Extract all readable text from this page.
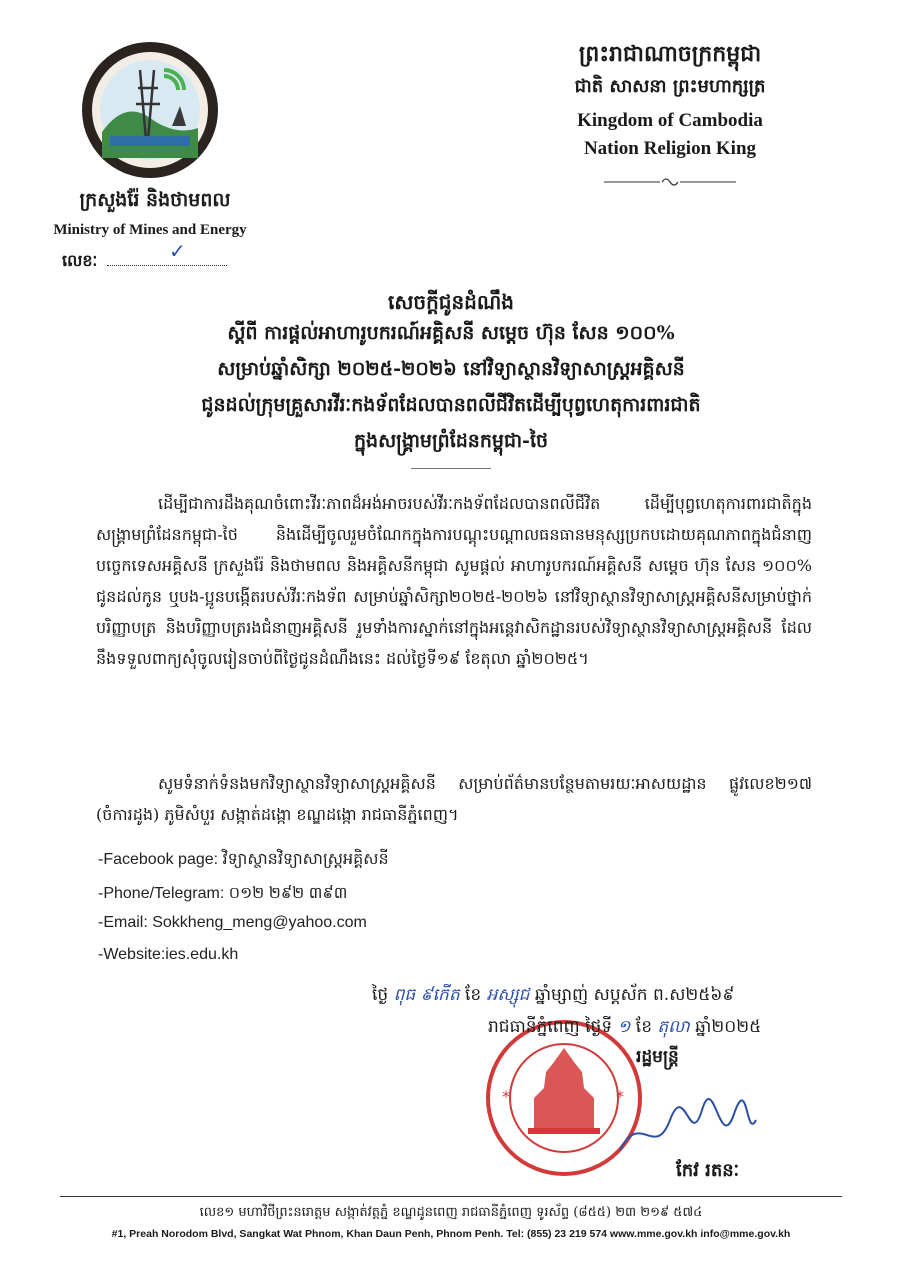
ក្រសួងរ៉ែ និងថាមពល
Ministry of Mines and Energy
លេខៈ	✓
ព្រះរាជាណាចក្រកម្ពុជា
ជាតិ សាសនា ព្រះមហាក្សត្រ
Kingdom of Cambodia
Nation Religion King
សេចក្តីជូនដំណឹង
ស្តីពី ការផ្តល់អាហារូបករណ៍អគ្គិសនី សម្តេច ហ៊ុន សែន ១០០%
សម្រាប់ឆ្នាំសិក្សា ២០២៥-២០២៦ នៅវិទ្យាស្ថានវិទ្យាសាស្ត្រអគ្គិសនី
ជូនដល់ក្រុមគ្រួសារវីរៈកងទ័ពដែលបានពលីជីវិតដើម្បីបុព្វហេតុការពារជាតិ
ក្នុងសង្គ្រាមព្រំដែនកម្ពុជា-ថៃ
ដើម្បីជាការដឹងគុណចំពោះវីរៈភាពដ៏អង់អាចរបស់វីរៈកងទ័ពដែលបានពលីជីវិត ដើម្បីបុព្វហេតុការពារជាតិក្នុងសង្គ្រាមព្រំដែនកម្ពុជា-ថៃ និងដើម្បីចូលរួមចំណែកក្នុងការបណ្តុះបណ្តាលធនធានមនុស្សប្រកបដោយគុណភាពក្នុងជំនាញបច្ចេកទេសអគ្គិសនី ក្រសួងរ៉ែ និងថាមពល និងអគ្គិសនីកម្ពុជា សូមផ្តល់ អាហារូបករណ៍អគ្គិសនី សម្តេច ហ៊ុន សែន ១០០% ជូនដល់កូន ឬបង-ប្អូនបង្កើតរបស់វីរៈកងទ័ព សម្រាប់ឆ្នាំសិក្សា២០២៥-២០២៦ នៅវិទ្យាស្ថានវិទ្យាសាស្ត្រអគ្គិសនីសម្រាប់ថ្នាក់បរិញ្ញាបត្រ និងបរិញ្ញាបត្ររងជំនាញអគ្គិសនី រួមទាំងការស្នាក់នៅក្នុងអន្តេវាសិកដ្ឋានរបស់វិទ្យាស្ថានវិទ្យាសាស្ត្រអគ្គិសនី ដែលនឹងទទួលពាក្យសុំចូលរៀនចាប់ពីថ្ងៃជូនដំណឹងនេះ ដល់ថ្ងៃទី១៩ ខែតុលា ឆ្នាំ២០២៥។
សូមទំនាក់ទំនងមកវិទ្យាស្ថានវិទ្យាសាស្ត្រអគ្គិសនី សម្រាប់ព័ត៌មានបន្ថែមតាមរយៈអាសយដ្ឋាន ផ្លូវលេខ២១៧ (ចំការដូង) ភូមិសំបួរ សង្កាត់ដង្កោ ខណ្ឌដង្កោ រាជធានីភ្នំពេញ។
-Facebook page: វិទ្យាស្ថានវិទ្យាសាស្ត្រអគ្គិសនី
-Phone/Telegram: ០១២ ២៩២ ៣៩៣
-Email: Sokkheng_meng@yahoo.com
-Website:ies.edu.kh
*	*
ថ្ងៃ ពុធ ៩កើត ខែ អស្សុជ ឆ្នាំម្សាញ់ សប្តស័ក ព.ស២៥៦៩
រាជធានីភ្នំពេញ ថ្ងៃទី ១ ខែ តុលា ឆ្នាំ២០២៥
រដ្ឋមន្ត្រី
កែវ រតនៈ
លេខ១ មហាវិថីព្រះនរោត្តម សង្កាត់វត្តភ្នំ ខណ្ឌដូនពេញ រាជធានីភ្នំពេញ ទូរស័ព្ទ (៨៥៥) ២៣ ២១៩ ៥៧៤
#1, Preah Norodom Blvd, Sangkat Wat Phnom, Khan Daun Penh, Phnom Penh. Tel: (855) 23 219 574 www.mme.gov.kh info@mme.gov.kh
